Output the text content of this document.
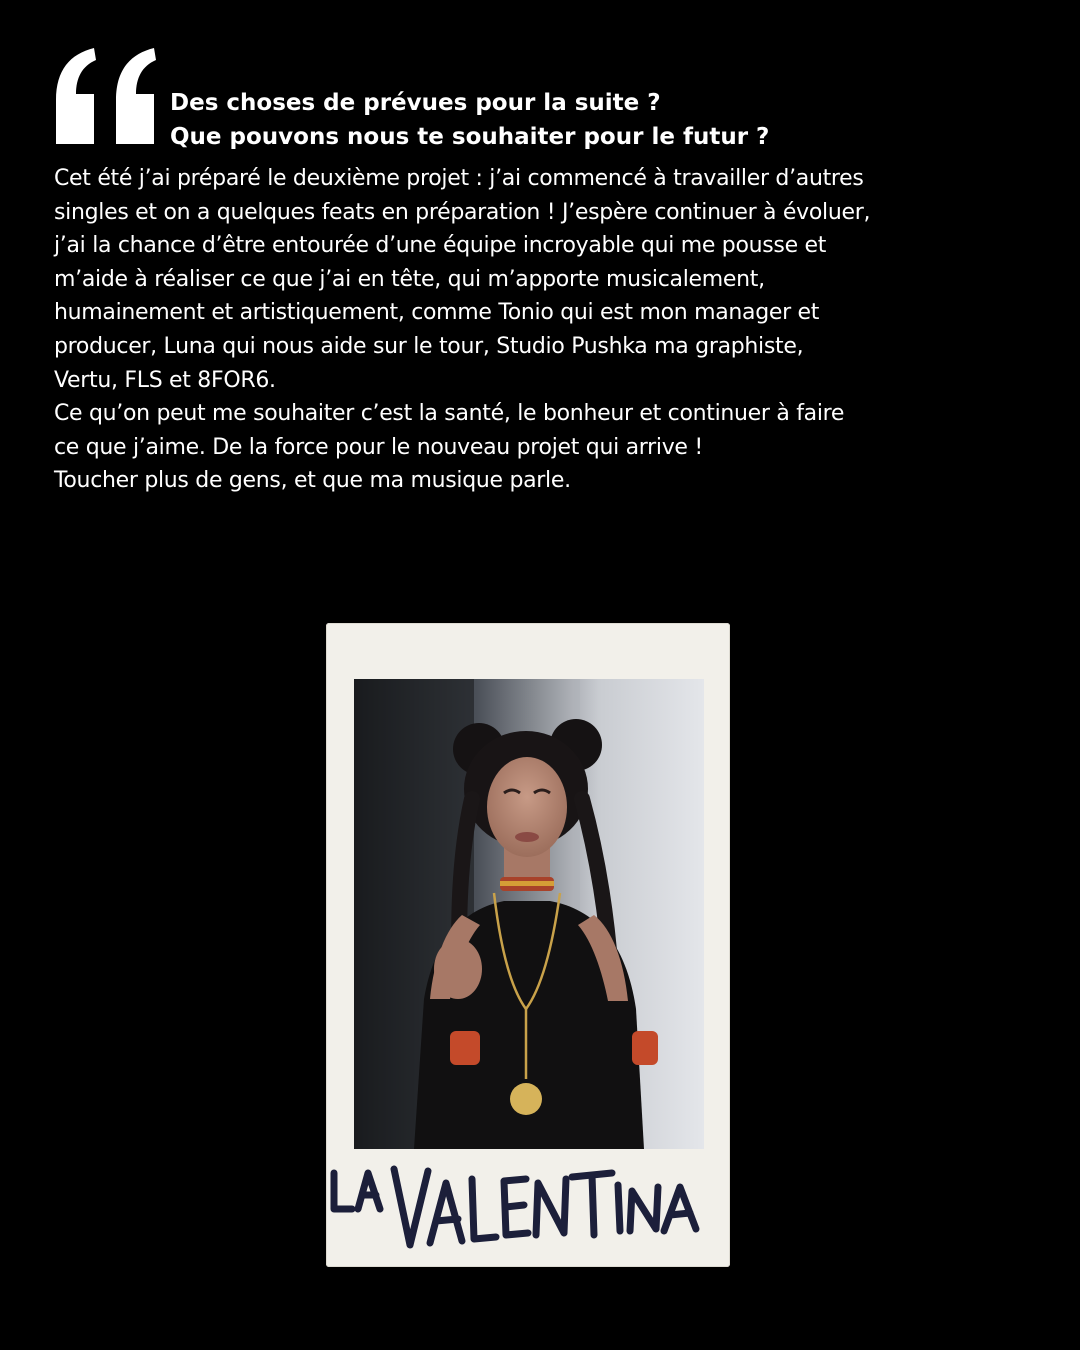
Des choses de prévues pour la suite ?
Que pouvons nous te souhaiter pour le futur ?
Cet été j’ai préparé le deuxième projet : j’ai commencé à travailler d’autres
singles et on a quelques feats en préparation ! J’espère continuer à évoluer,
j’ai la chance d’être entourée d’une équipe incroyable qui me pousse et
m’aide à réaliser ce que j’ai en tête, qui m’apporte musicalement,
humainement et artistiquement, comme Tonio qui est mon manager et
producer, Luna qui nous aide sur le tour, Studio Pushka ma graphiste,
Vertu, FLS et 8FOR6.
Ce qu’on peut me souhaiter c’est la santé, le bonheur et continuer à faire
ce que j’aime. De la force pour le nouveau projet qui arrive !
Toucher plus de gens, et que ma musique parle.
